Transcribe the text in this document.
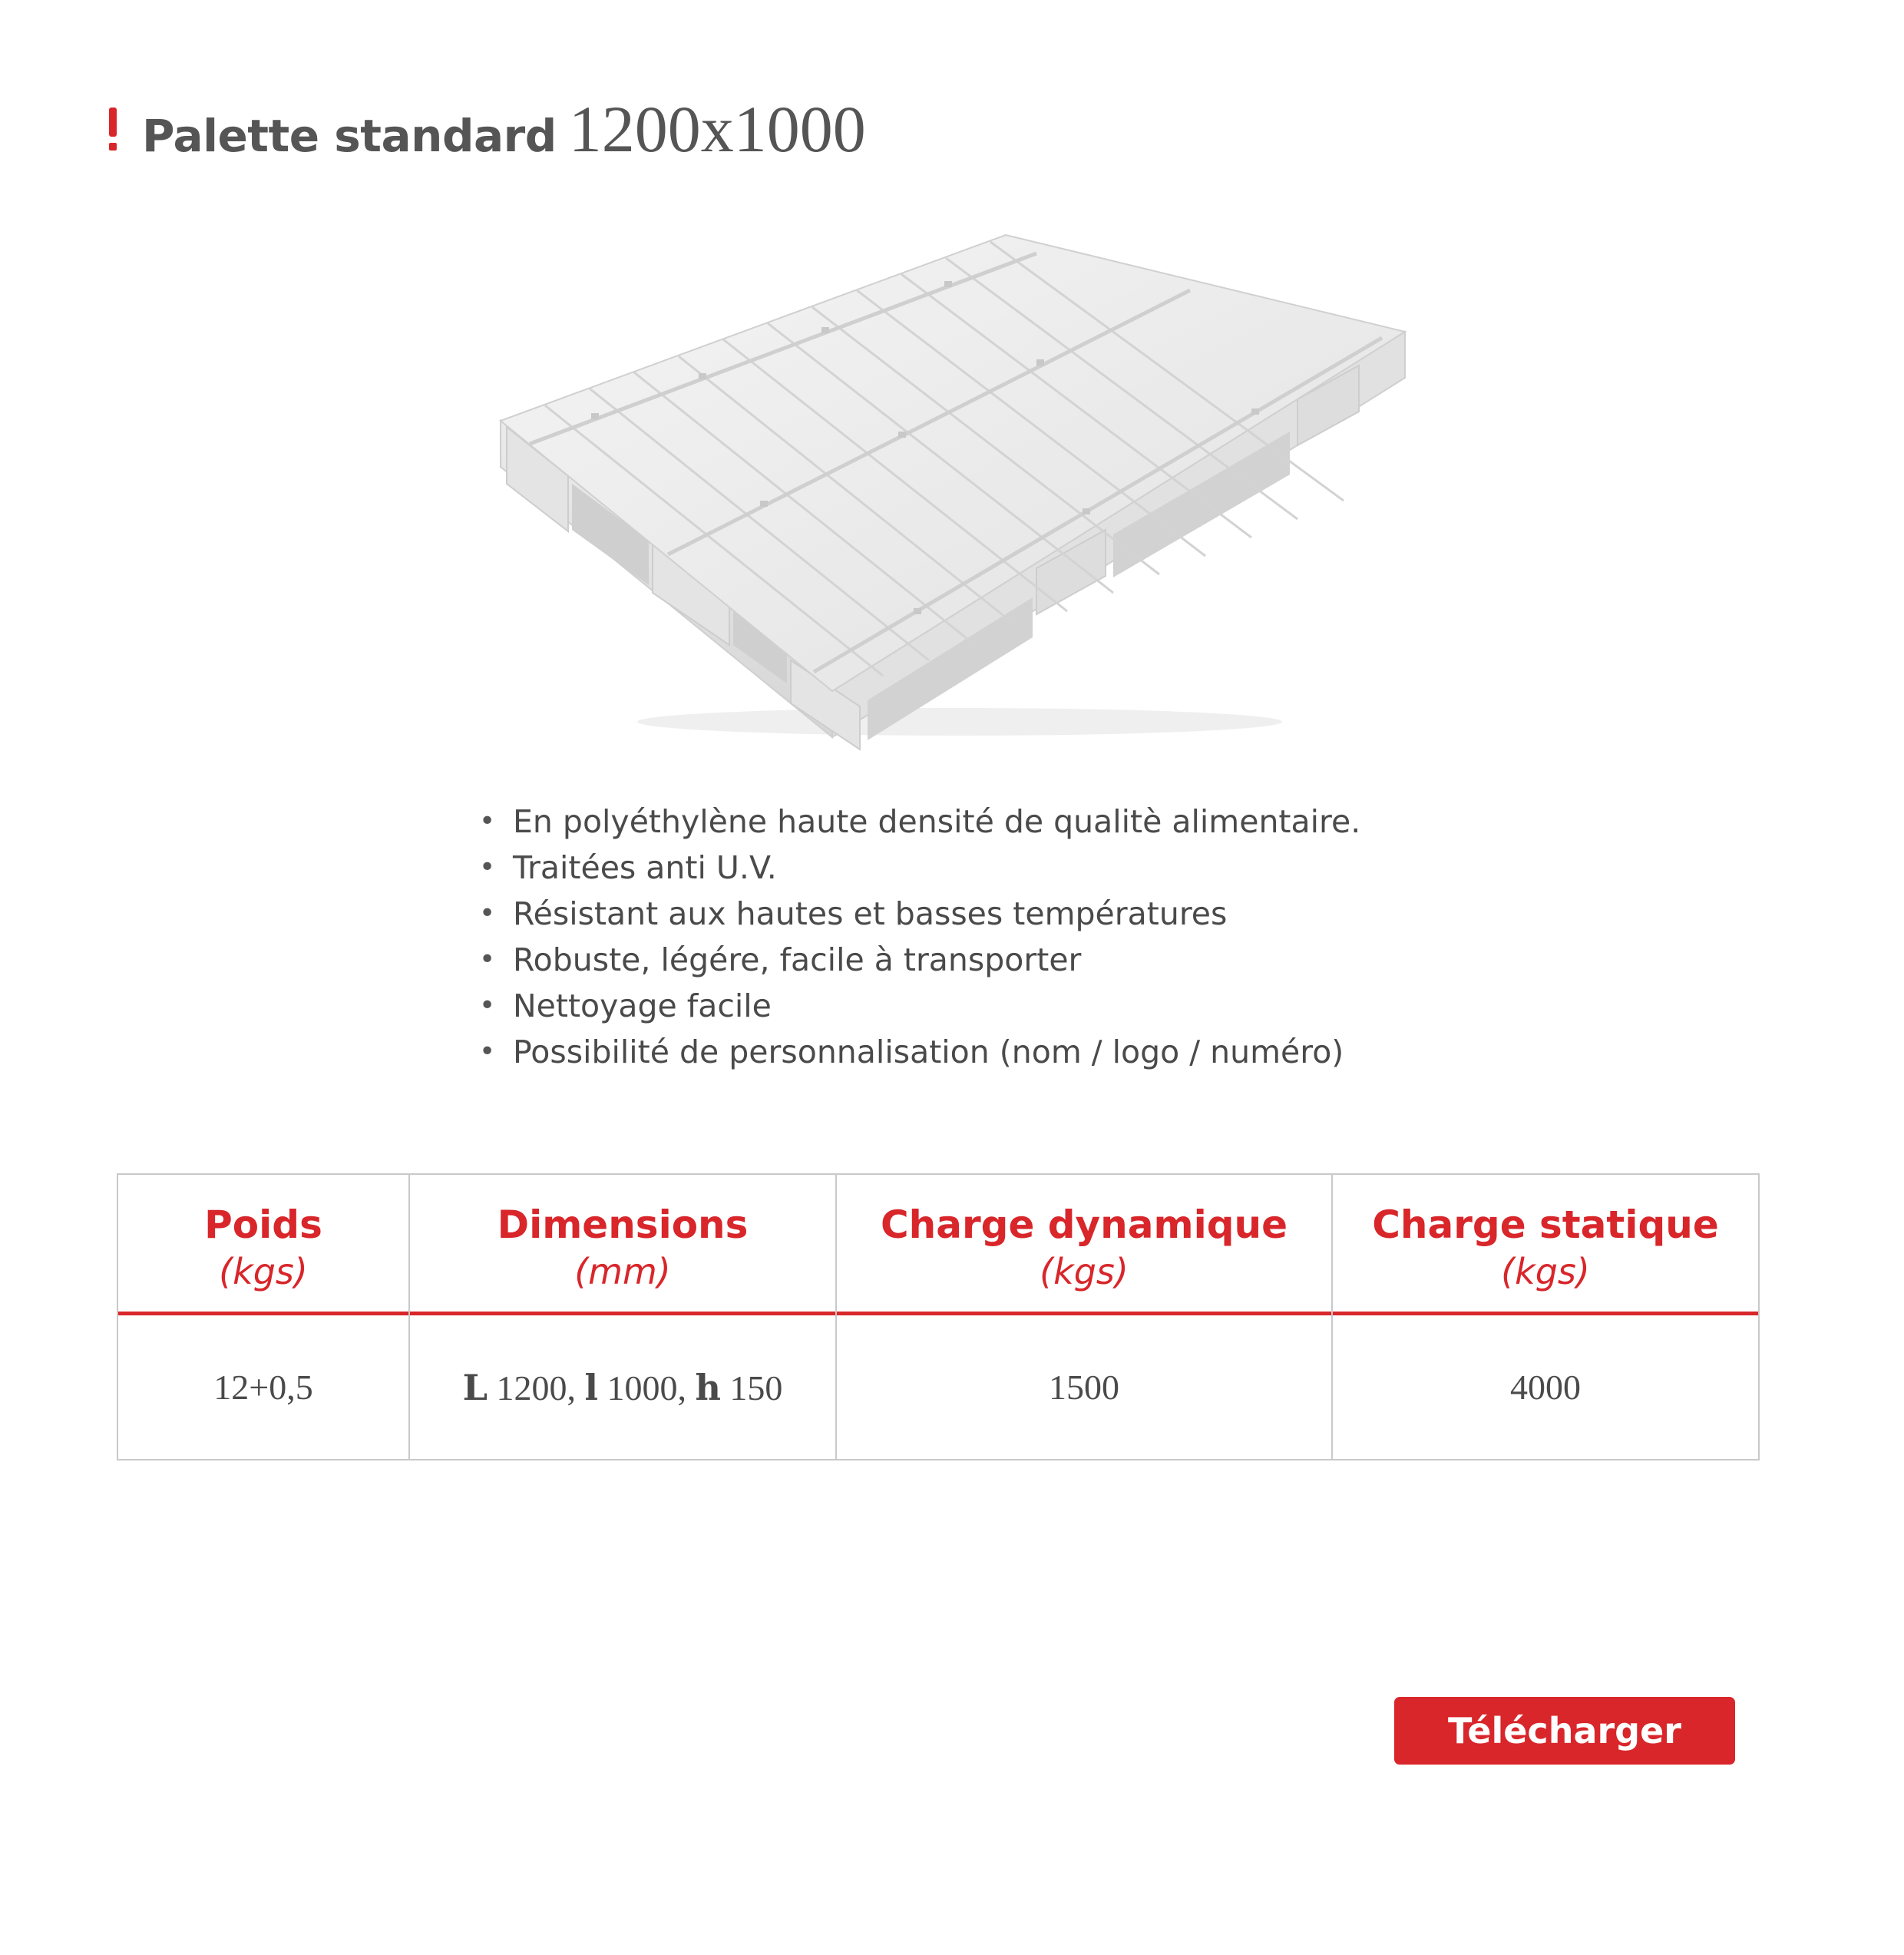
Palette standard 1200x1000
• En polyéthylène haute densité de qualitè alimentaire.
• Traitées anti U.V.
• Résistant aux hautes et basses températures
• Robuste, légére, facile à transporter
• Nettoyage facile
• Possibilité de personnalisation (nom / logo / numéro)
Poids
(kgs)
12+0,5
Dimensions
(mm)
L 1200, l 1000, h 150
Charge dynamique
(kgs)
1500
Charge statique
(kgs)
4000
Télécharger
